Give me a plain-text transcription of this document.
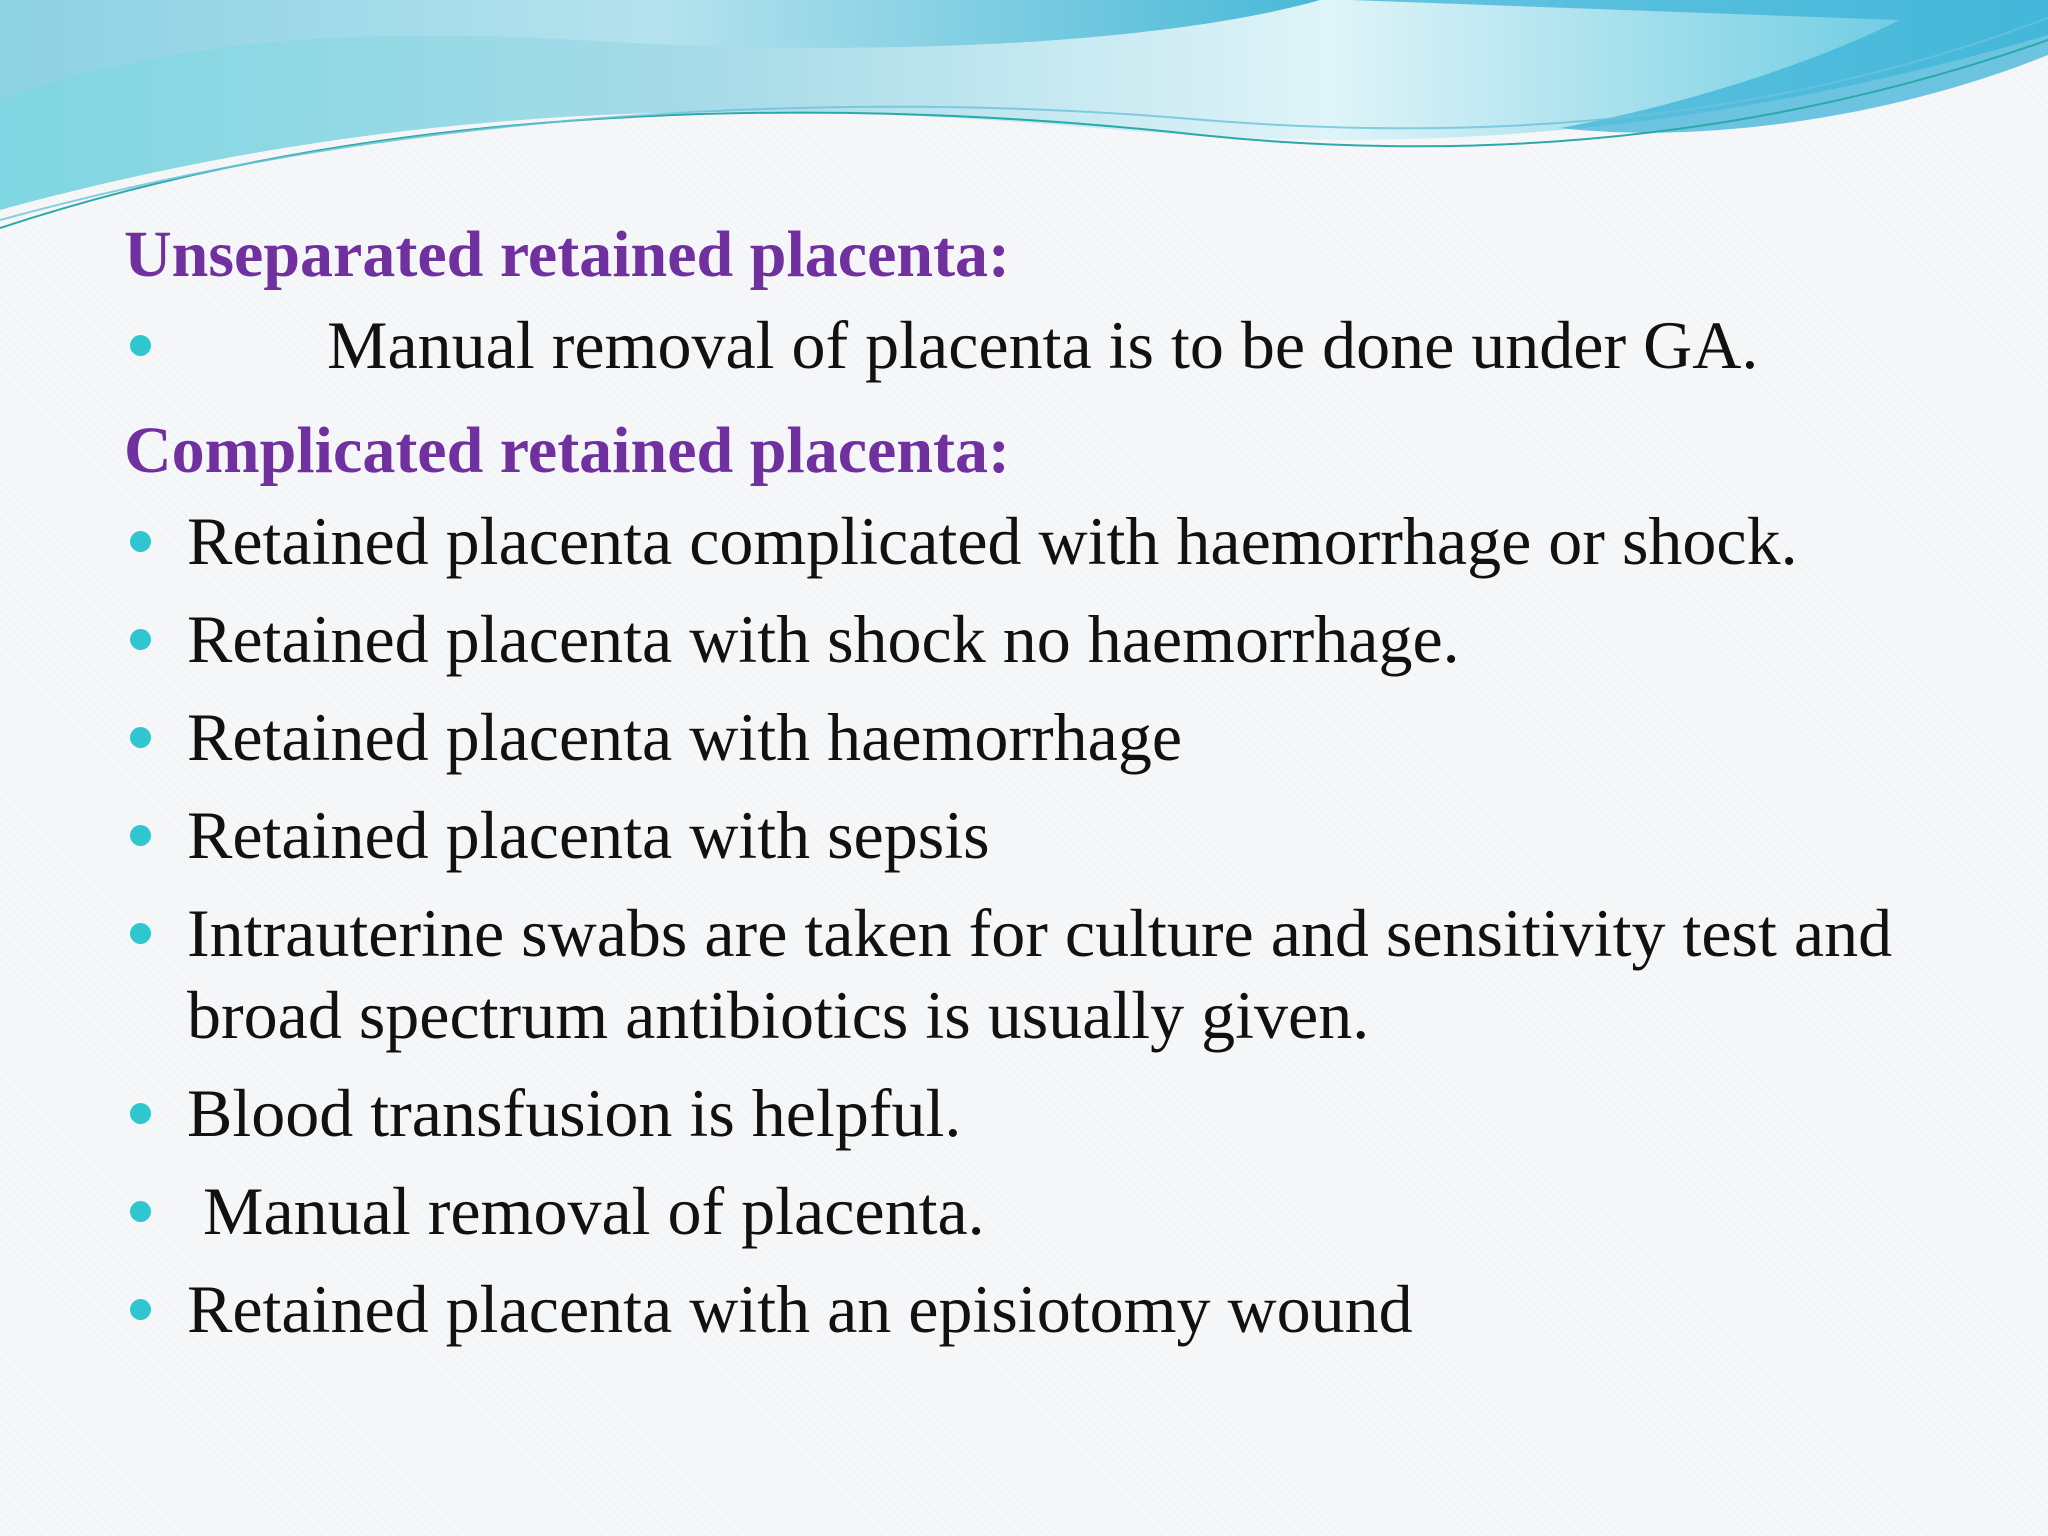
Unseparated retained placenta:
Manual removal of placenta is to be done under GA.
Complicated retained placenta:
Retained placenta complicated with haemorrhage or shock.
Retained placenta with shock no haemorrhage.
Retained placenta with haemorrhage
Retained placenta with sepsis
Intrauterine swabs are taken for culture and sensitivity test and broad spectrum antibiotics is usually given.
Blood transfusion is helpful.
Manual removal of placenta.
Retained placenta with an episiotomy wound
